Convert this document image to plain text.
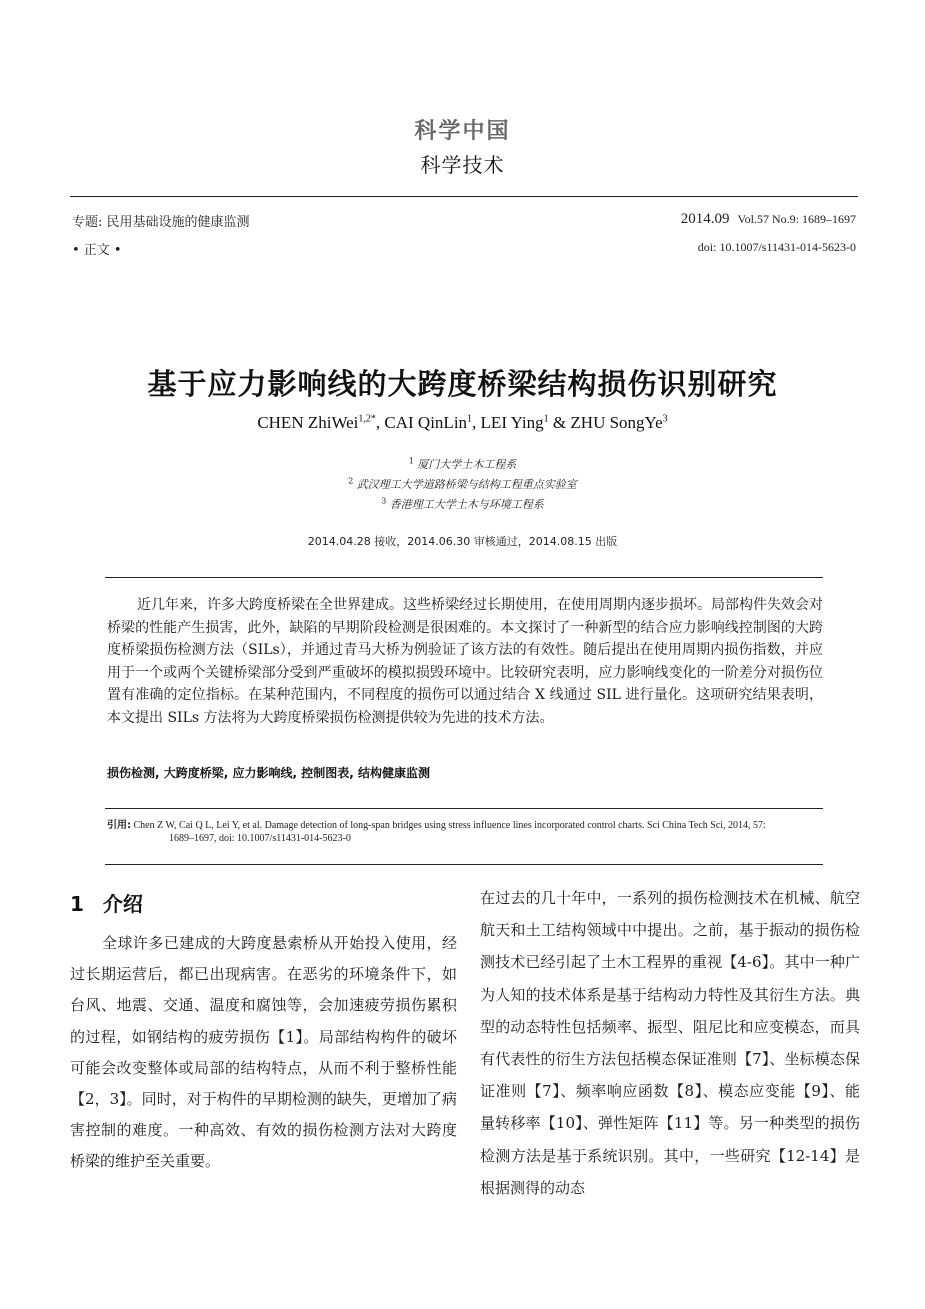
科学中国
科学技术
专题: 民用基础设施的健康监测
• 正文 •
2014.09 Vol.57 No.9: 1689–1697
doi: 10.1007/s11431-014-5623-0
基于应力影响线的大跨度桥梁结构损伤识别研究
CHEN ZhiWei$^{1,2*}$, CAI QinLin$^1$, LEI Ying$^1$ & ZHU SongYe$^3$
$^1$ 厦门大学土木工程系
$^2$ 武汉理工大学道路桥梁与结构工程重点实验室
$^3$ 香港理工大学土木与环境工程系
2014.04.28 接收，2014.06.30 审核通过，2014.08.15 出版

近几年来，许多大跨度桥梁在全世界建成。这些桥梁经过长期使用，在使用周期内逐步损坏。局部构件失效会对桥梁的性能产生损害，此外，缺陷的早期阶段检测是很困难的。本文探讨了一种新型的结合应力影响线控制图的大跨度桥梁损伤检测方法（SILs），并通过青马大桥为例验证了该方法的有效性。随后提出在使用周期内损伤指数，并应用于一个或两个关键桥梁部分受到严重破坏的模拟损毁环境中。比较研究表明，应力影响线变化的一阶差分对损伤位置有准确的定位指标。在某种范围内，不同程度的损伤可以通过结合 X 线通过 SIL 进行量化。这项研究结果表明，本文提出 SILs 方法将为大跨度桥梁损伤检测提供较为先进的技术方法。

损伤检测, 大跨度桥梁, 应力影响线, 控制图表, 结构健康监测
引用: Chen Z W, Cai Q L, Lei Y, et al. Damage detection of long-span bridges using stress influence lines incorporated control charts. Sci China Tech Sci, 2014, 57:
1689–1697, doi: 10.1007/s11431-014-5623-0
1 介绍

全球许多已建成的大跨度悬索桥从开始投入使用，经过长期运营后，都已出现病害。在恶劣的环境条件下，如台风、地震、交通、温度和腐蚀等，会加速疲劳损伤累积的过程，如钢结构的疲劳损伤【1】。局部结构构件的破坏可能会改变整体或局部的结构特点，从而不利于整桥性能【2，3】。同时，对于构件的早期检测的缺失，更增加了病害控制的难度。一种高效、有效的损伤检测方法对大跨度桥梁的维护至关重要。

在过去的几十年中，一系列的损伤检测技术在机械、航空航天和土工结构领域中中提出。之前，基于振动的损伤检测技术已经引起了土木工程界的重视【4-6】。其中一种广为人知的技术体系是基于结构动力特性及其衍生方法。典型的动态特性包括频率、振型、阻尼比和应变模态，而具有代表性的衍生方法包括模态保证准则【7】、坐标模态保证准则【7】、频率响应函数【8】、模态应变能【9】、能量转移率【10】、弹性矩阵【11】等。另一种类型的损伤检测方法是基于系统识别。其中，一些研究【12-14】是根据测得的动态
